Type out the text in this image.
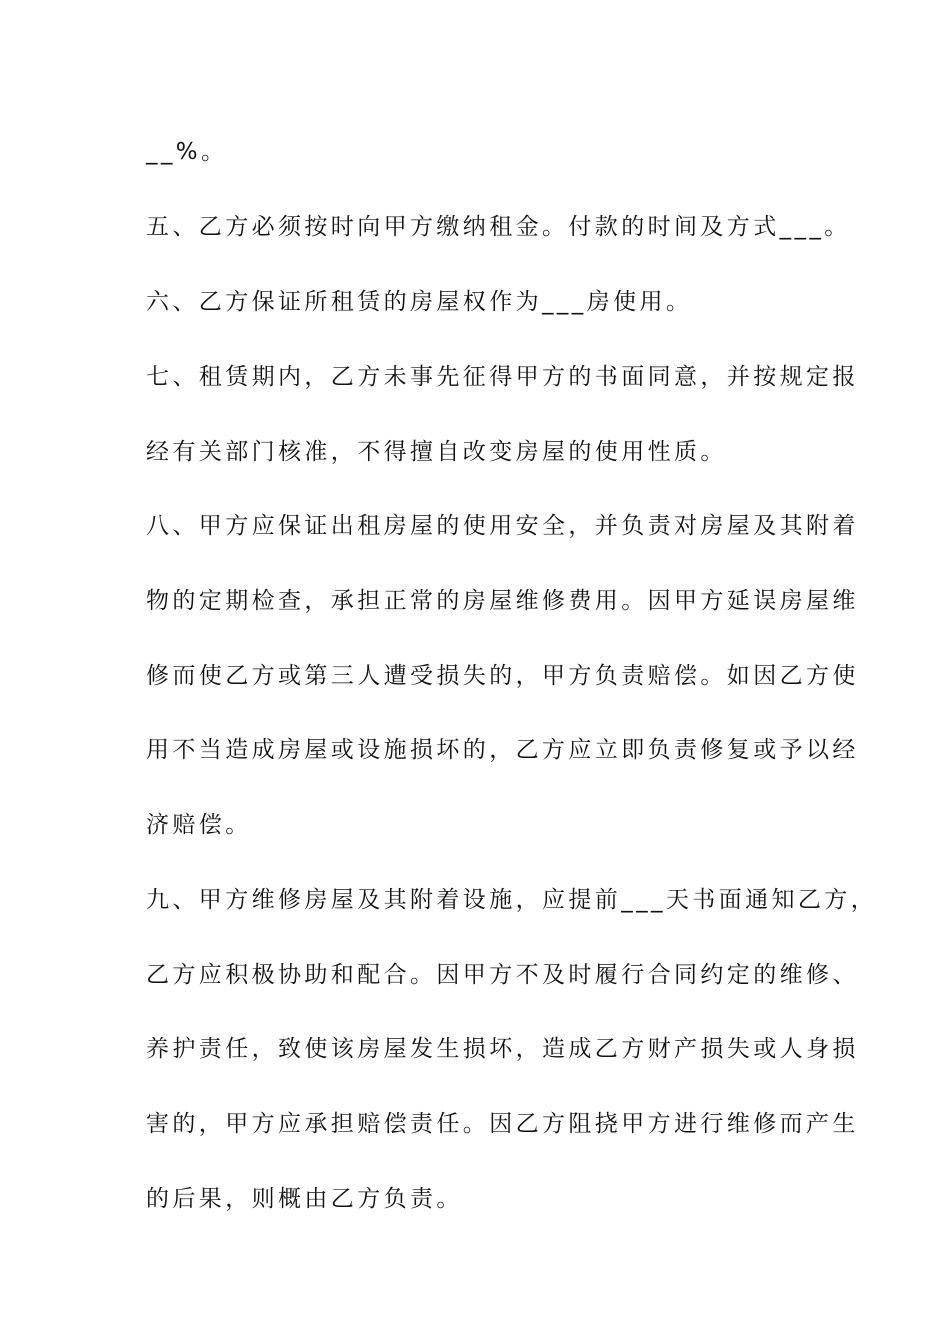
__%。
五、乙方必须按时向甲方缴纳租金。付款的时间及方式___。
六、乙方保证所租赁的房屋权作为___房使用。
七、租赁期内，乙方未事先征得甲方的书面同意，并按规定报
经有关部门核准，不得擅自改变房屋的使用性质。
八、甲方应保证出租房屋的使用安全，并负责对房屋及其附着
物的定期检查，承担正常的房屋维修费用。因甲方延误房屋维
修而使乙方或第三人遭受损失的，甲方负责赔偿。如因乙方使
用不当造成房屋或设施损坏的，乙方应立即负责修复或予以经
济赔偿。
九、甲方维修房屋及其附着设施，应提前___天书面通知乙方，
乙方应积极协助和配合。因甲方不及时履行合同约定的维修、
养护责任，致使该房屋发生损坏，造成乙方财产损失或人身损
害的，甲方应承担赔偿责任。因乙方阻挠甲方进行维修而产生
的后果，则概由乙方负责。
